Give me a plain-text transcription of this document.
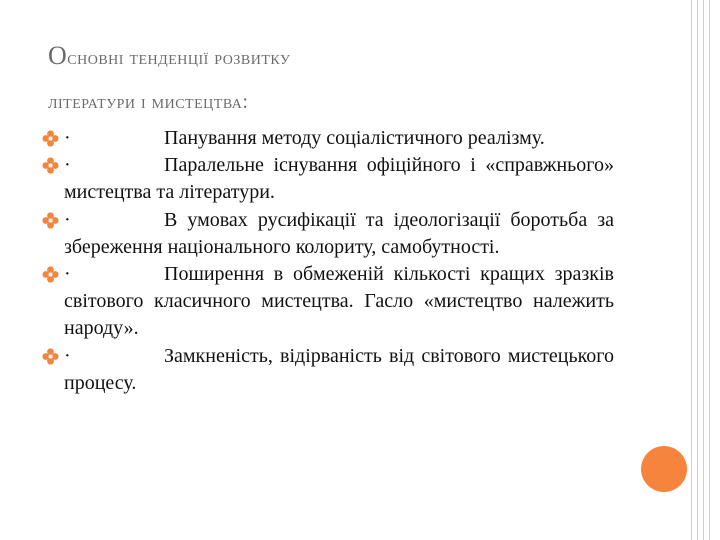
Основні тенденції розвитку
літератури і мистецтва:
·	Панування методу соціалістичного реалізму.
·	Паралельне існування офіційного і «справжнього» мистецтва та літератури.
·	В умовах русифікації та ідеологізації боротьба за збереження національного колориту, самобутності.
·	Поширення в обмеженій кількості кращих зразків світового класичного мистецтва. Гасло «мистецтво належить народу».
·	Замкненість, відірваність від світового мистецького процесу.
